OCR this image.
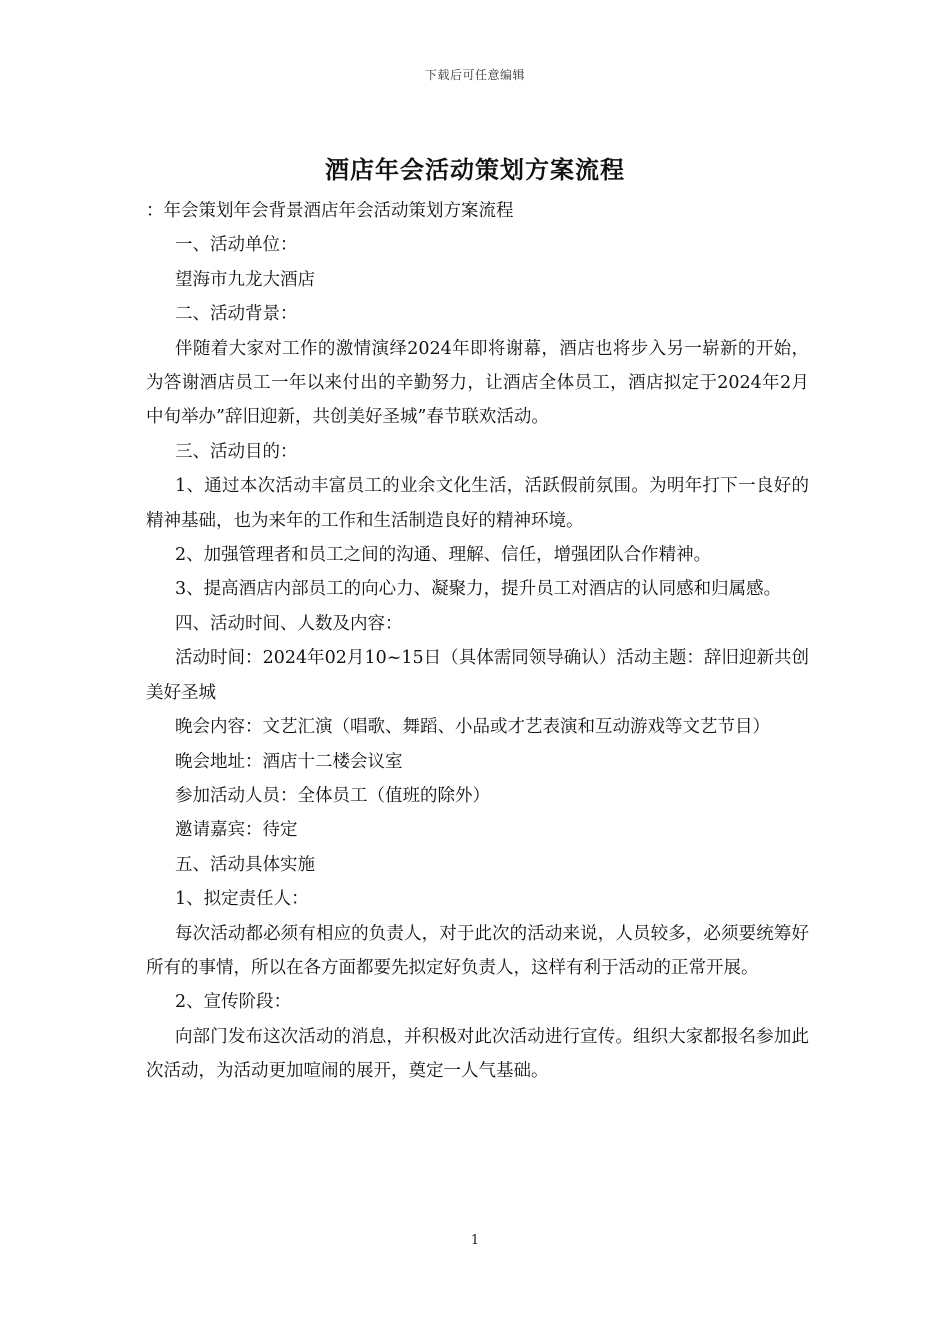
下载后可任意编辑
酒店年会活动策划方案流程

：年会策划年会背景酒店年会活动策划方案流程

一、活动单位：

望海市九龙大酒店

二、活动背景：

伴随着大家对工作的激情演绎2024年即将谢幕，酒店也将步入另一崭新的开始，为答谢酒店员工一年以来付出的辛勤努力，让酒店全体员工，酒店拟定于2024年2月中旬举办”辞旧迎新，共创美好圣城”春节联欢活动。

三、活动目的：

1、通过本次活动丰富员工的业余文化生活，活跃假前氛围。为明年打下一良好的精神基础，也为来年的工作和生活制造良好的精神环境。

2、加强管理者和员工之间的沟通、理解、信任，增强团队合作精神。

3、提高酒店内部员工的向心力、凝聚力，提升员工对酒店的认同感和归属感。

四、活动时间、人数及内容：

活动时间：2024年02月10~15日（具体需同领导确认）活动主题：辞旧迎新共创美好圣城

晚会内容：文艺汇演（唱歌、舞蹈、小品或才艺表演和互动游戏等文艺节目）

晚会地址：酒店十二楼会议室

参加活动人员：全体员工（值班的除外）

邀请嘉宾：待定

五、活动具体实施

1、拟定责任人：

每次活动都必须有相应的负责人，对于此次的活动来说，人员较多，必须要统筹好所有的事情，所以在各方面都要先拟定好负责人，这样有利于活动的正常开展。

2、宣传阶段：

向部门发布这次活动的消息，并积极对此次活动进行宣传。组织大家都报名参加此次活动，为活动更加喧闹的展开，奠定一人气基础。

1
